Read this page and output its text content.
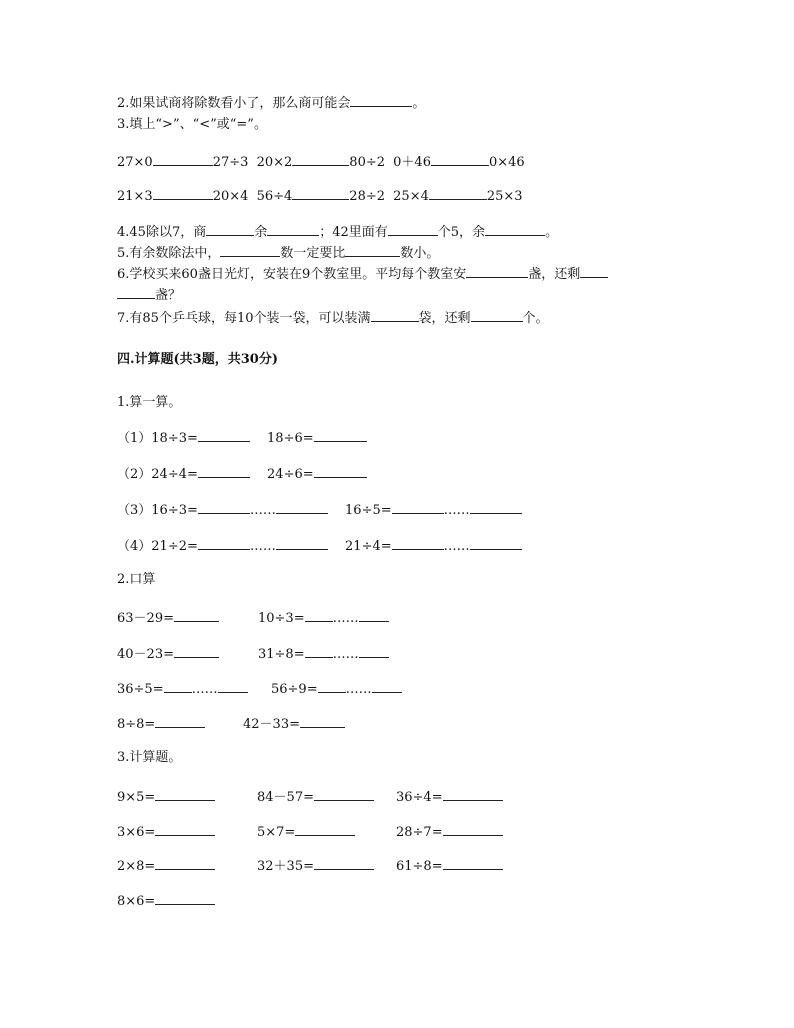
2.如果试商将除数看小了，那么商可能会	。
3.填上“>”、“<”或“=”。
27×0	27÷3 20×2	80÷2 0＋46	0×46
21×3	20×4 56÷4	28÷2 25×4	25×3
4.45除以7，商	余	；42里面有	个5，余	。
5.有余数除法中，	数一定要比	数小。
6.学校买来60盏日光灯，安装在9个教室里。平均每个教室安	盏，还剩
盏？
7.有85个乒乓球，每10个装一袋，可以装满	袋，还剩	个。
四.计算题(共3题，共30分)
1.算一算。
（1）18÷3=	18÷6=
（2）24÷4=	24÷6=
（3）16÷3=	……	16÷5=	……
（4）21÷2=	……	21÷4=	……
2.口算
63－29=	10÷3= ……
40－23=	31÷8= ……
36÷5= ……	56÷9= ……
8÷8=	42－33=
3.计算题。
9×5=	84－57=	36÷4=
3×6=	5×7=	28÷7=
2×8=	32＋35=	61÷8=
8×6=
